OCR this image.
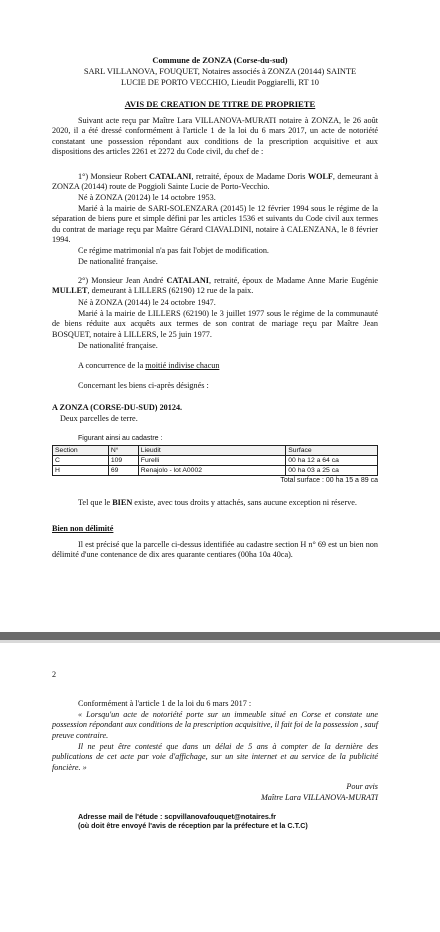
Commune de ZONZA (Corse-du-sud)
SARL VILLANOVA, FOUQUET, Notaires associés à ZONZA (20144) SAINTE
LUCIE DE PORTO VECCHIO, Lieudit Poggiarelli, RT 10
AVIS DE CREATION DE TITRE DE PROPRIETE
Suivant acte reçu par Maître Lara VILLANOVA-MURATI notaire à ZONZA, le 26 août 2020, il a été dressé conformément à l'article 1 de la loi du 6 mars 2017, un acte de notoriété constatant une possession répondant aux conditions de la prescription acquisitive et aux dispositions des articles 2261 et 2272 du Code civil, du chef de :
1°) Monsieur Robert CATALANI, retraité, époux de Madame Doris WOLF, demeurant à ZONZA (20144) route de Poggioli Sainte Lucie de Porto-Vecchio.
Né à ZONZA (20124) le 14 octobre 1953.
Marié à la mairie de SARI-SOLENZARA (20145) le 12 février 1994 sous le régime de la séparation de biens pure et simple défini par les articles 1536 et suivants du Code civil aux termes du contrat de mariage reçu par Maître Gérard CIAVALDINI, notaire à CALENZANA, le 8 février 1994.
Ce régime matrimonial n'a pas fait l'objet de modification.
De nationalité française.
2°) Monsieur Jean André CATALANI, retraité, époux de Madame Anne Marie Eugénie MULLET, demeurant à LILLERS (62190) 12 rue de la paix.
Né à ZONZA (20144) le 24 octobre 1947.
Marié à la mairie de LILLERS (62190) le 3 juillet 1977 sous le régime de la communauté de biens réduite aux acquêts aux termes de son contrat de mariage reçu par Maître Jean BOSQUET, notaire à LILLERS, le 25 juin 1977.
De nationalité française.
A concurrence de la moitié indivise chacun
Concernant les biens ci-après désignés :
A ZONZA (CORSE-DU-SUD) 20124.
Deux parcelles de terre.
Figurant ainsi au cadastre :
Section	N°	Lieudit	Surface
C	109	Furelli	00 ha 12 a 64 ca
H	69	Renajolo - lot A0002	00 ha 03 a 25 ca
Total surface : 00 ha 15 a 89 ca
Tel que le BIEN existe, avec tous droits y attachés, sans aucune exception ni réserve.
Bien non délimité
Il est précisé que la parcelle ci-dessus identifiée au cadastre section H n° 69 est un bien non délimité d'une contenance de dix ares quarante centiares (00ha 10a 40ca).
2
Conformément à l'article 1 de la loi du 6 mars 2017 :
« Lorsqu'un acte de notoriété porte sur un immeuble situé en Corse et constate une possession répondant aux conditions de la prescription acquisitive, il fait foi de la possession , sauf preuve contraire.
Il ne peut être contesté que dans un délai de 5 ans à compter de la dernière des publications de cet acte par voie d'affichage, sur un site internet et au service de la publicité foncière. »
Pour avis
Maître Lara VILLANOVA-MURATI
Adresse mail de l'étude : scpvillanovafouquet@notaires.fr
(où doit être envoyé l'avis de réception par la préfecture et la C.T.C)
